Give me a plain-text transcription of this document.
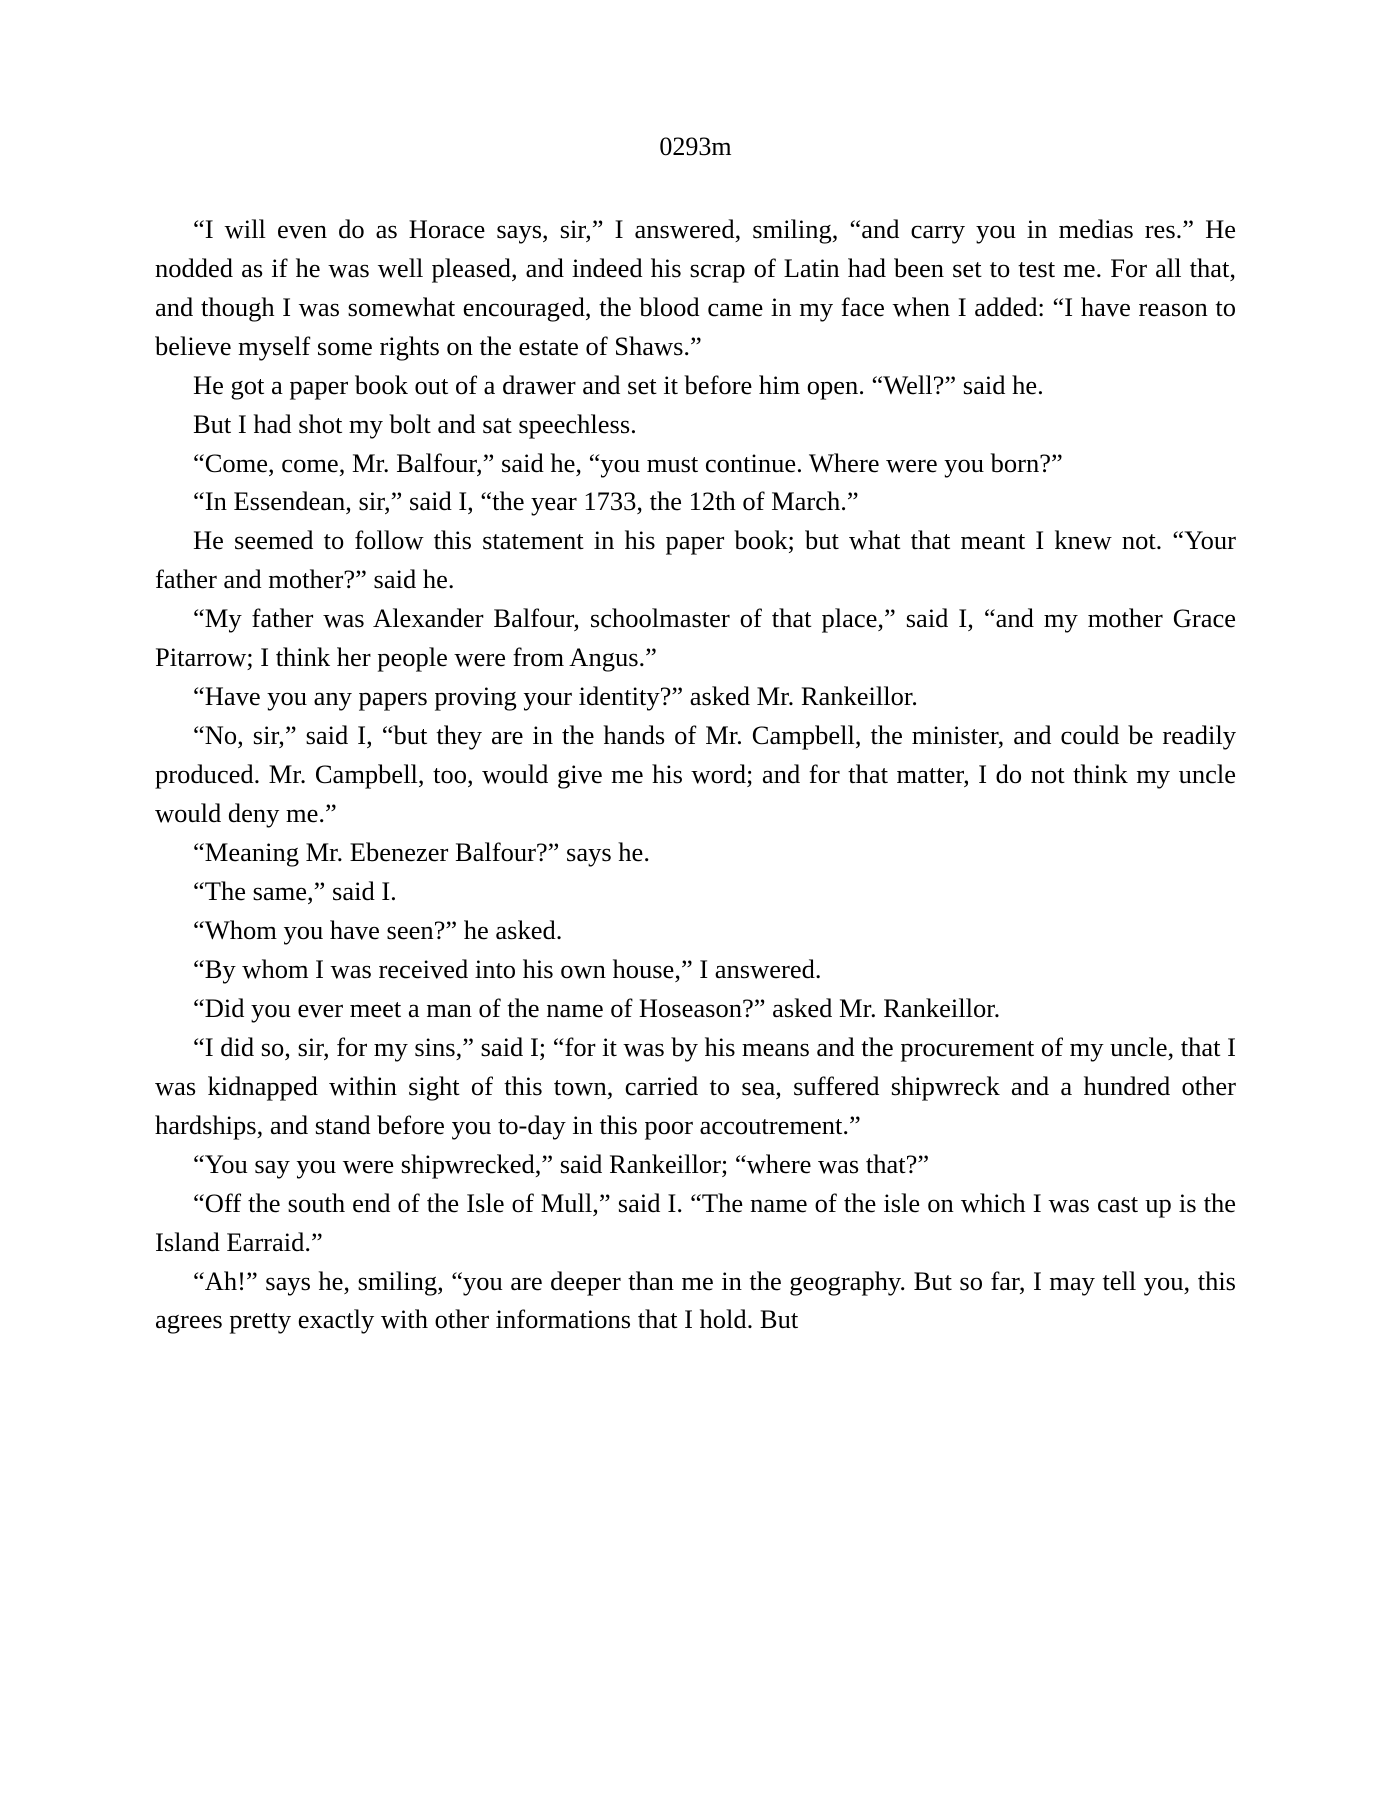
0293m

“I will even do as Horace says, sir,” I answered, smiling, “and carry you in medias res.” He nodded as if he was well pleased, and indeed his scrap of Latin had been set to test me. For all that, and though I was somewhat encouraged, the blood came in my face when I added: “I have reason to believe myself some rights on the estate of Shaws.”

He got a paper book out of a drawer and set it before him open. “Well?” said he.

But I had shot my bolt and sat speechless.

“Come, come, Mr. Balfour,” said he, “you must continue. Where were you born?”

“In Essendean, sir,” said I, “the year 1733, the 12th of March.”

He seemed to follow this statement in his paper book; but what that meant I knew not. “Your father and mother?” said he.

“My father was Alexander Balfour, schoolmaster of that place,” said I, “and my mother Grace Pitarrow; I think her people were from Angus.”

“Have you any papers proving your identity?” asked Mr. Rankeillor.

“No, sir,” said I, “but they are in the hands of Mr. Campbell, the minister, and could be readily produced. Mr. Campbell, too, would give me his word; and for that matter, I do not think my uncle would deny me.”

“Meaning Mr. Ebenezer Balfour?” says he.

“The same,” said I.

“Whom you have seen?” he asked.

“By whom I was received into his own house,” I answered.

“Did you ever meet a man of the name of Hoseason?” asked Mr. Rankeillor.

“I did so, sir, for my sins,” said I; “for it was by his means and the procurement of my uncle, that I was kidnapped within sight of this town, carried to sea, suffered shipwreck and a hundred other hardships, and stand before you to-day in this poor accoutrement.”

“You say you were shipwrecked,” said Rankeillor; “where was that?”

“Off the south end of the Isle of Mull,” said I. “The name of the isle on which I was cast up is the Island Earraid.”

“Ah!” says he, smiling, “you are deeper than me in the geography. But so far, I may tell you, this agrees pretty exactly with other informations that I hold. But
